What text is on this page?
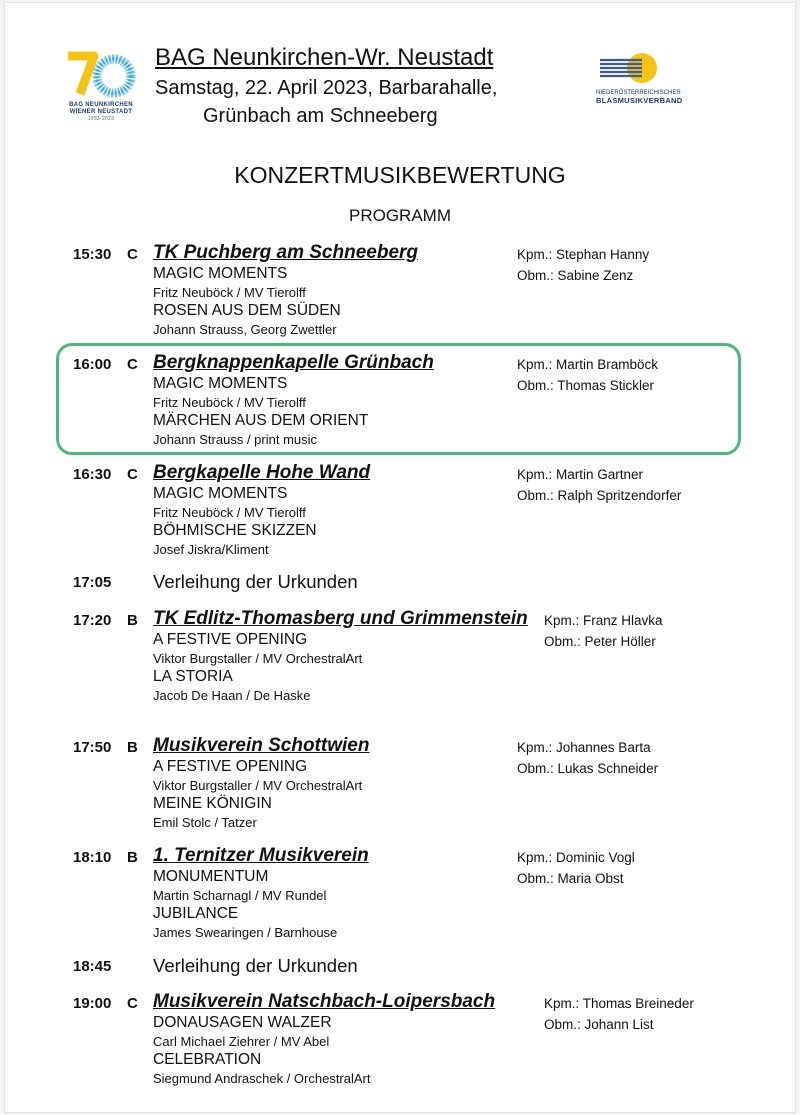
BAG NEUNKIRCHEN
WIENER NEUSTADT
1953-2023
NIEDERÖSTERREICHISCHER
BLASMUSIKVERBAND
BAG Neunkirchen-Wr. Neustadt
Samstag, 22. April 2023, Barbarahalle,
Grünbach am Schneeberg
KONZERTMUSIKBEWERTUNG
PROGRAMM
15:30 C TK Puchberg am Schneeberg	Kpm.: Stephan Hanny
Obm.: Sabine Zenz
MAGIC MOMENTS
Fritz Neuböck / MV Tierolff
ROSEN AUS DEM SÜDEN
Johann Strauss, Georg Zwettler
16:00 C Bergknappenkapelle Grünbach	Kpm.: Martin Bramböck
Obm.: Thomas Stickler
MAGIC MOMENTS
Fritz Neuböck / MV Tierolff
MÄRCHEN AUS DEM ORIENT
Johann Strauss / print music
16:30 C Bergkapelle Hohe Wand	Kpm.: Martin Gartner
Obm.: Ralph Spritzendorfer
MAGIC MOMENTS
Fritz Neuböck / MV Tierolff
BÖHMISCHE SKIZZEN
Josef Jiskra/Kliment
17:05 Verleihung der Urkunden
17:20 B TK Edlitz-Thomasberg und Grimmenstein Kpm.: Franz Hlavka
Obm.: Peter Höller
A FESTIVE OPENING
Viktor Burgstaller / MV OrchestralArt
LA STORIA
Jacob De Haan / De Haske
17:50 B Musikverein Schottwien	Kpm.: Johannes Barta
Obm.: Lukas Schneider
A FESTIVE OPENING
Viktor Burgstaller / MV OrchestralArt
MEINE KÖNIGIN
Emil Stolc / Tatzer
18:10 B 1. Ternitzer Musikverein	Kpm.: Dominic Vogl
Obm.: Maria Obst
MONUMENTUM
Martin Scharnagl / MV Rundel
JUBILANCE
James Swearingen / Barnhouse
18:45 Verleihung der Urkunden
19:00 C Musikverein Natschbach-Loipersbach	Kpm.: Thomas Breineder
Obm.: Johann List
DONAUSAGEN WALZER
Carl Michael Ziehrer / MV Abel
CELEBRATION
Siegmund Andraschek / OrchestralArt
